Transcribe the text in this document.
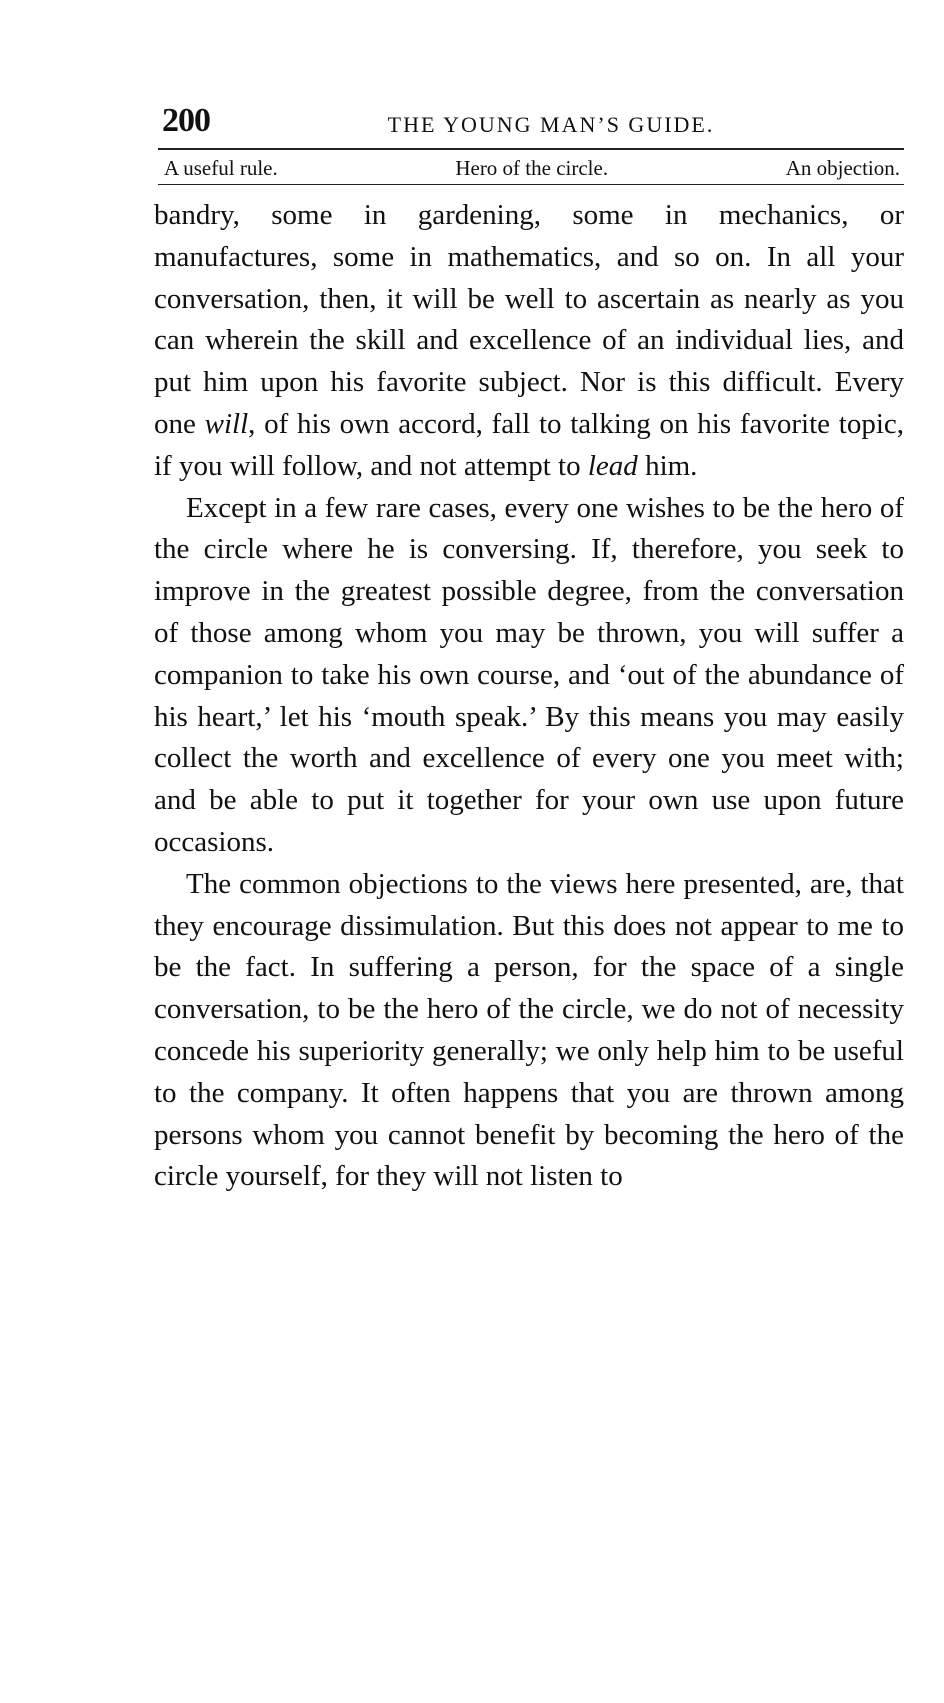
200	THE YOUNG MAN’S GUIDE.
A useful rule.	Hero of the circle.	An objection.

bandry, some in gardening, some in mechanics, or manufactures, some in mathematics, and so on. In all your conversation, then, it will be well to ascertain as nearly as you can wherein the skill and excellence of an individual lies, and put him upon his favorite subject. Nor is this difficult. Every one will, of his own accord, fall to talking on his favorite topic, if you will follow, and not attempt to lead him.

Except in a few rare cases, every one wishes to be the hero of the circle where he is conversing. If, therefore, you seek to improve in the greatest possible degree, from the conversation of those among whom you may be thrown, you will suffer a companion to take his own course, and ‘out of the abundance of his heart,’ let his ‘mouth speak.’ By this means you may easily collect the worth and excellence of every one you meet with; and be able to put it together for your own use upon future occasions.

The common objections to the views here presented, are, that they encourage dissimulation. But this does not appear to me to be the fact. In suffering a person, for the space of a single conversation, to be the hero of the circle, we do not of necessity concede his superiority generally; we only help him to be useful to the company. It often happens that you are thrown among persons whom you cannot benefit by becoming the hero of the circle yourself, for they will not listen to
